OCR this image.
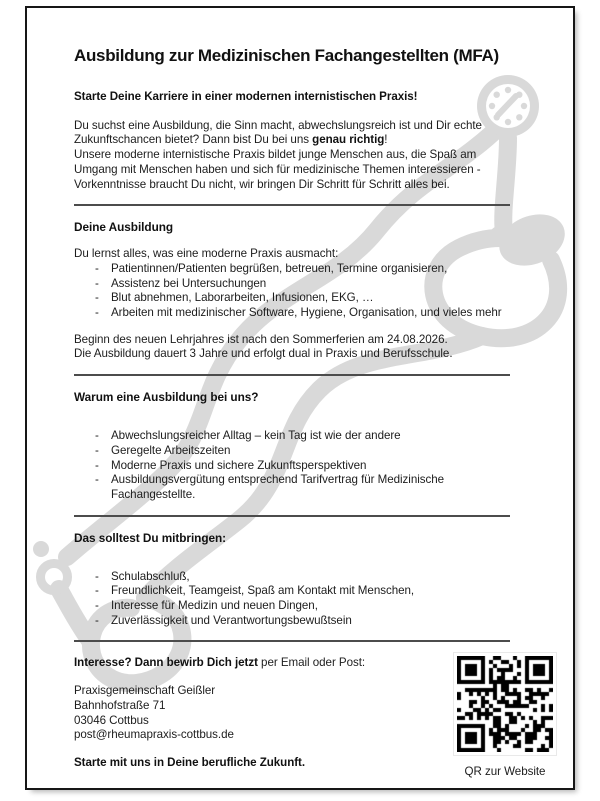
Ausbildung zur Medizinischen Fachangestellten (MFA)
Starte Deine Karriere in einer modernen internistischen Praxis!
Du suchst eine Ausbildung, die Sinn macht, abwechslungsreich ist und Dir echte
Zukunftschancen bietet? Dann bist Du bei uns genau richtig!
Unsere moderne internistische Praxis bildet junge Menschen aus, die Spaß am
Umgang mit Menschen haben und sich für medizinische Themen interessieren -
Vorkenntnisse braucht Du nicht, wir bringen Dir Schritt für Schritt alles bei.
Deine Ausbildung
Du lernst alles, was eine moderne Praxis ausmacht:
- Patientinnen/Patienten begrüßen, betreuen, Termine organisieren,
- Assistenz bei Untersuchungen
- Blut abnehmen, Laborarbeiten, Infusionen, EKG, …
- Arbeiten mit medizinischer Software, Hygiene, Organisation, und vieles mehr
Beginn des neuen Lehrjahres ist nach den Sommerferien am 24.08.2026.
Die Ausbildung dauert 3 Jahre und erfolgt dual in Praxis und Berufsschule.
Warum eine Ausbildung bei uns?
- Abwechslungsreicher Alltag – kein Tag ist wie der andere
- Geregelte Arbeitszeiten
- Moderne Praxis und sichere Zukunftsperspektiven
- Ausbildungsvergütung entsprechend Tarifvertrag für Medizinische
Fachangestellte.
Das solltest Du mitbringen:
- Schulabschluß,
- Freundlichkeit, Teamgeist, Spaß am Kontakt mit Menschen,
- Interesse für Medizin und neuen Dingen,
- Zuverlässigkeit und Verantwortungsbewußtsein
Interesse? Dann bewirb Dich jetzt per Email oder Post:
Praxisgemeinschaft Geißler
Bahnhofstraße 71
03046 Cottbus
post@rheumapraxis-cottbus.de
Starte mit uns in Deine berufliche Zukunft.
QR zur Website
